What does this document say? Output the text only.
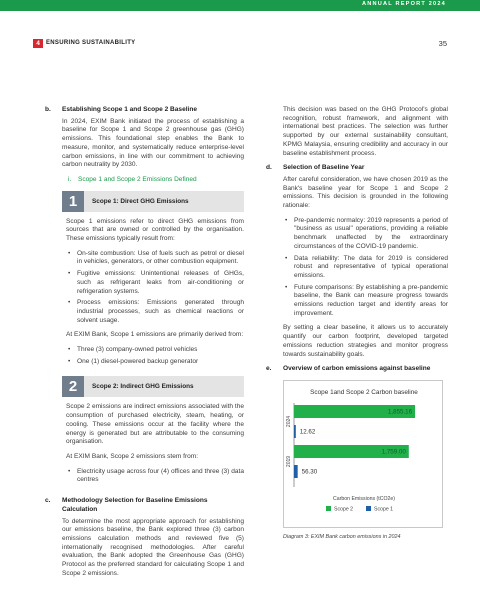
ANNUAL REPORT 2024
4	ENSURING SUSTAINABILITY	35
b. Establishing Scope 1 and Scope 2 Baseline

In 2024, EXIM Bank initiated the process of establishing a baseline for Scope 1 and Scope 2 greenhouse gas (GHG) emissions. This foundational step enables the Bank to measure, monitor, and systematically reduce enterprise-level carbon emissions, in line with our commitment to achieving carbon neutrality by 2030.

i. Scope 1 and Scope 2 Emissions Defined
1	Scope 1: Direct GHG Emissions

Scope 1 emissions refer to direct GHG emissions from sources that are owned or controlled by the organisation. These emissions typically result from:

• On-site combustion: Use of fuels such as petrol or diesel in vehicles, generators, or other combustion equipment.
• Fugitive emissions: Unintentional releases of GHGs, such as refrigerant leaks from air-conditioning or refrigeration systems.
• Process emissions: Emissions generated through industrial processes, such as chemical reactions or solvent usage.

At EXIM Bank, Scope 1 emissions are primarily derived from:

• Three (3) company-owned petrol vehicles
• One (1) diesel-powered backup generator
2	Scope 2: Indirect GHG Emissions

Scope 2 emissions are indirect emissions associated with the consumption of purchased electricity, steam, heating, or cooling. These emissions occur at the facility where the energy is generated but are attributable to the consuming organisation.

At EXIM Bank, Scope 2 emissions stem from:

• Electricity usage across four (4) offices and three (3) data centres
c. Methodology Selection for Baseline Emissions Calculation

To determine the most appropriate approach for establishing our emissions baseline, the Bank explored three (3) carbon emissions calculation methods and reviewed five (5) internationally recognised methodologies. After careful evaluation, the Bank adopted the Greenhouse Gas (GHG) Protocol as the preferred standard for calculating Scope 1 and Scope 2 emissions.

This decision was based on the GHG Protocol's global recognition, robust framework, and alignment with international best practices. The selection was further supported by our external sustainability consultant, KPMG Malaysia, ensuring credibility and accuracy in our baseline establishment process.

d. Selection of Baseline Year

After careful consideration, we have chosen 2019 as the Bank's baseline year for Scope 1 and Scope 2 emissions. This decision is grounded in the following rationale:

• Pre-pandemic normalcy: 2019 represents a period of "business as usual" operations, providing a reliable benchmark unaffected by the extraordinary circumstances of the COVID-19 pandemic.
• Data reliability: The data for 2019 is considered robust and representative of typical operational emissions.
• Future comparisons: By establishing a pre-pandemic baseline, the Bank can measure progress towards emissions reduction target and identify areas for improvement.

By setting a clear baseline, it allows us to accurately quantify our carbon footprint, developed targeted emissions reduction strategies and monitor progress towards sustainability goals.

e. Overview of carbon emissions against baseline
Scope 1and Scope 2 Carbon baseline
2024
1,855.16
12.62
2019
1,759.00
56.30
Carbon Emissions (tCO2e)
Scope 2	Scope 1
Diagram 3: EXIM Bank carbon emissions in 2024
